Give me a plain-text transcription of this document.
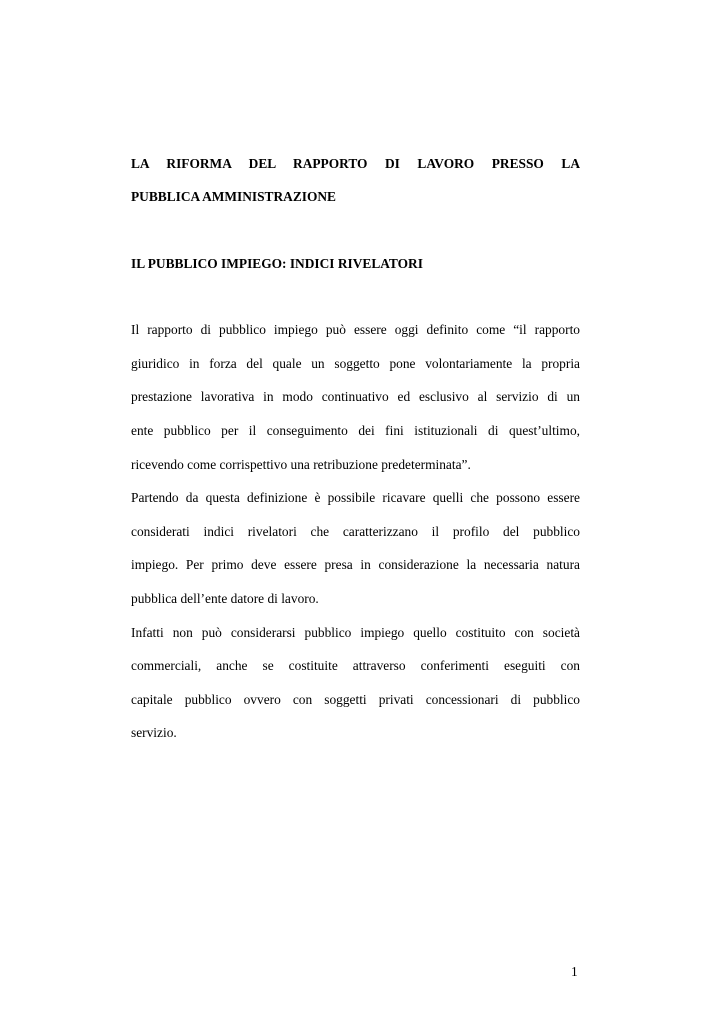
LA RIFORMA DEL RAPPORTO DI LAVORO PRESSO LA

PUBBLICA AMMINISTRAZIONE

IL PUBBLICO IMPIEGO: INDICI RIVELATORI

Il rapporto di pubblico impiego può essere oggi definito come “il rapporto
giuridico in forza del quale un soggetto pone volontariamente la propria
prestazione lavorativa in modo continuativo ed esclusivo al servizio di un
ente pubblico per il conseguimento dei fini istituzionali di quest’ultimo,
ricevendo come corrispettivo una retribuzione predeterminata”.

Partendo da questa definizione è possibile ricavare quelli che possono essere
considerati indici rivelatori che caratterizzano il profilo del pubblico
impiego. Per primo deve essere presa in considerazione la necessaria natura
pubblica dell’ente datore di lavoro.

Infatti non può considerarsi pubblico impiego quello costituito con società
commerciali, anche se costituite attraverso conferimenti eseguiti con
capitale pubblico ovvero con soggetti privati concessionari di pubblico
servizio.

1
